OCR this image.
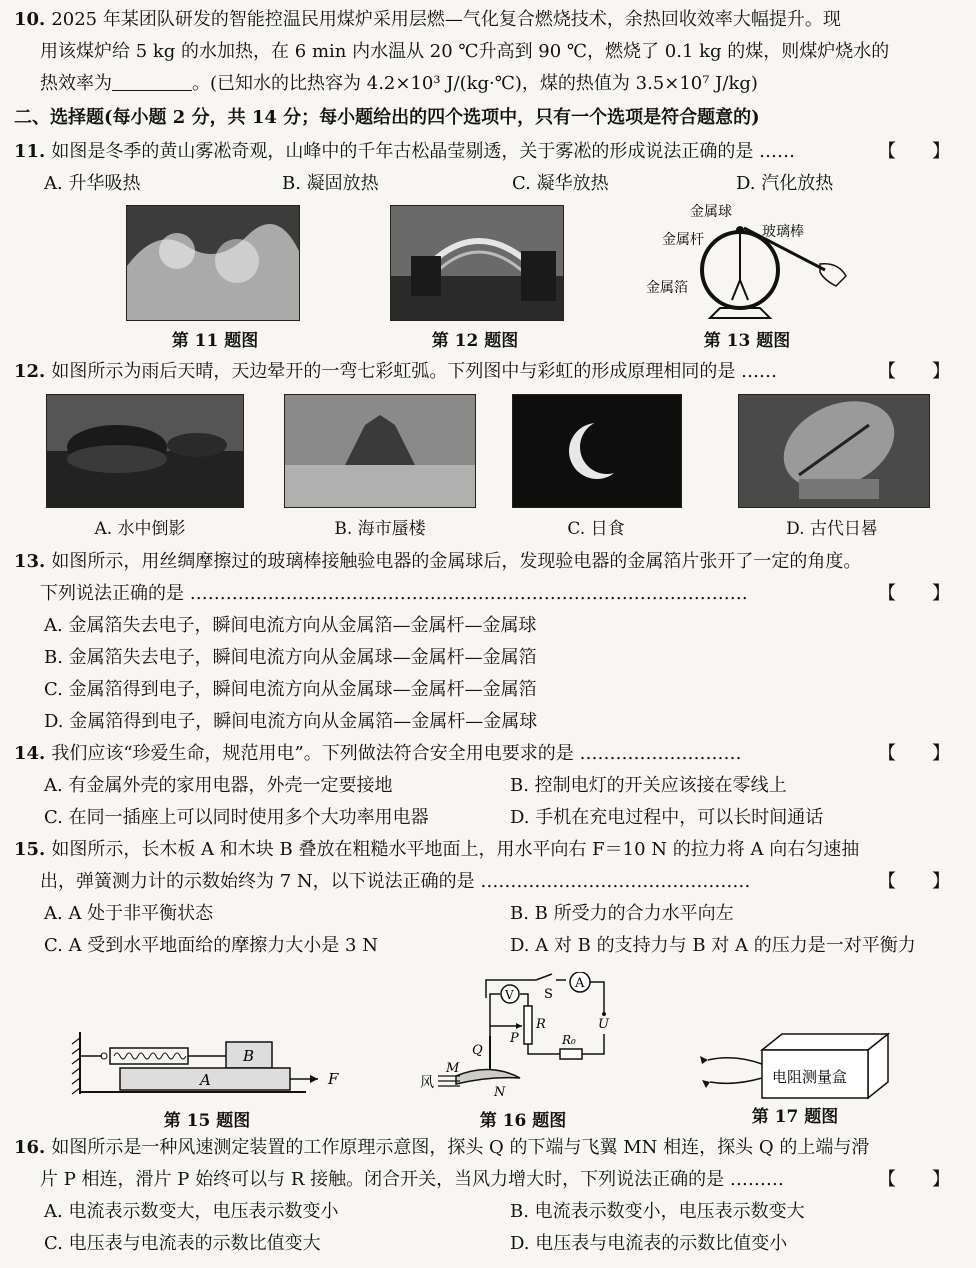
10. 2025 年某团队研发的智能控温民用煤炉采用层燃—气化复合燃烧技术，余热回收效率大幅提升。现
用该煤炉给 5 kg 的水加热，在 6 min 内水温从 20 ℃升高到 90 ℃，燃烧了 0.1 kg 的煤，则煤炉烧水的
热效率为	。(已知水的比热容为 4.2×10³ J/(kg·℃)，煤的热值为 3.5×10⁷ J/kg)
二、选择题(每小题 2 分，共 14 分；每小题给出的四个选项中，只有一个选项是符合题意的)
11. 如图是冬季的黄山雾凇奇观，山峰中的千年古松晶莹剔透，关于雾凇的形成说法正确的是 ……	【　　】
A. 升华吸热	B. 凝固放热	C. 凝华放热	D. 汽化放热
第 11 题图	第 12 题图
金属球
金属杆	玻璃棒
金属箔
第 13 题图
12. 如图所示为雨后天晴，天边晕开的一弯七彩虹弧。下列图中与彩虹的形成原理相同的是 ……	【　　】
A. 水中倒影	B. 海市蜃楼	C. 日食	D. 古代日晷
13. 如图所示，用丝绸摩擦过的玻璃棒接触验电器的金属球后，发现验电器的金属箔片张开了一定的角度。
下列说法正确的是 …………………………………………………………………………………	【　　】
A. 金属箔失去电子，瞬间电流方向从金属箔—金属杆—金属球
B. 金属箔失去电子，瞬间电流方向从金属球—金属杆—金属箔
C. 金属箔得到电子，瞬间电流方向从金属球—金属杆—金属箔
D. 金属箔得到电子，瞬间电流方向从金属箔—金属杆—金属球
14. 我们应该“珍爱生命，规范用电”。下列做法符合安全用电要求的是 ………………………	【　　】
A. 有金属外壳的家用电器，外壳一定要接地	B. 控制电灯的开关应该接在零线上
C. 在同一插座上可以同时使用多个大功率用电器	D. 手机在充电过程中，可以长时间通话
15. 如图所示，长木板 A 和木块 B 叠放在粗糙水平地面上，用水平向右 F＝10 N 的拉力将 A 向右匀速抽
出，弹簧测力计的示数始终为 7 N，以下说法正确的是 ………………………………………	【　　】
A. A 处于非平衡状态	B. B 所受力的合力水平向左
C. A 受到水平地面给的摩擦力大小是 3 N	D. A 对 B 的支持力与 B 对 A 的压力是一对平衡力
B
A	F
第 15 题图
A
S
U
V
R
R₀
P
Q
M
N
风
第 16 题图
电阻测量盒
第 17 题图
16. 如图所示是一种风速测定装置的工作原理示意图，探头 Q 的下端与飞翼 MN 相连，探头 Q 的上端与滑
片 P 相连，滑片 P 始终可以与 R 接触。闭合开关，当风力增大时，下列说法正确的是 ………	【　　】
A. 电流表示数变大，电压表示数变小	B. 电流表示数变小，电压表示数变大
C. 电压表与电流表的示数比值变大	D. 电压表与电流表的示数比值变小
